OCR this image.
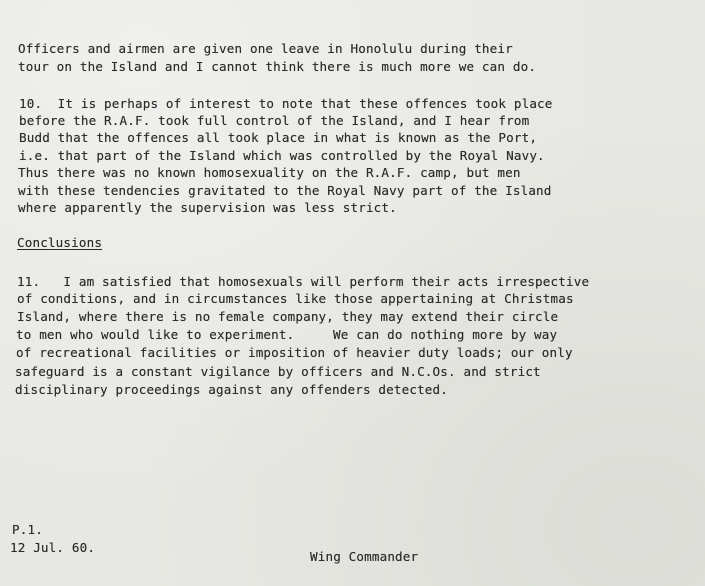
Officers and airmen are given one leave in Honolulu during their
tour on the Island and I cannot think there is much more we can do.
10.  It is perhaps of interest to note that these offences took place
before the R.A.F. took full control of the Island, and I hear from
Budd that the offences all took place in what is known as the Port,
i.e. that part of the Island which was controlled by the Royal Navy.
Thus there was no known homosexuality on the R.A.F. camp, but men
with these tendencies gravitated to the Royal Navy part of the Island
where apparently the supervision was less strict.
Conclusions
11.   I am satisfied that homosexuals will perform their acts irrespective
of conditions, and in circumstances like those appertaining at Christmas
Island, where there is no female company, they may extend their circle
to men who would like to experiment.     We can do nothing more by way
of recreational facilities or imposition of heavier duty loads; our only
safeguard is a constant vigilance by officers and N.C.Os. and strict
disciplinary proceedings against any offenders detected.
P.1.
12 Jul. 60.
Wing Commander
